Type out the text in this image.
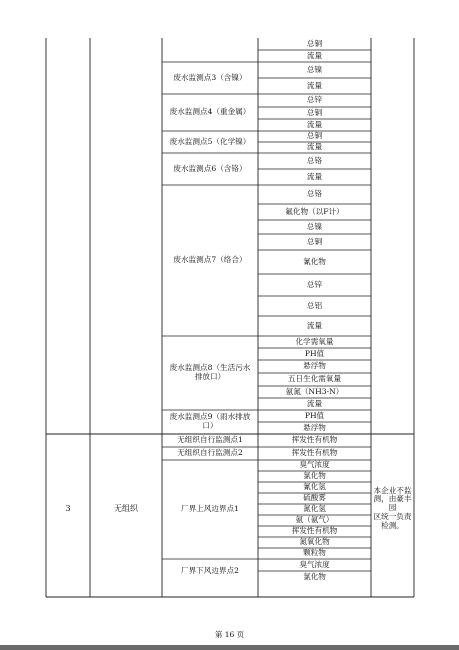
总铜
流量
总镍
流量
废水监测点3（含镍）
总锌
总铜
流量
废水监测点4（重金属）
总铜
流量
废水监测点5（化学镍）
总铬
流量
废水监测点6（含铬）
总铬
氟化物（以F计）
总镍
总铜
氰化物
总锌
总铝
流量
废水监测点7（络合）
化学需氧量
PH值
悬浮物
五日生化需氧量
氨氮（NH3-N）
流量
废水监测点8（生活污水
排放口）
PH值
悬浮物
废水监测点9（雨水排放
口）
挥发性有机物
无组织自行监测点1
挥发性有机物
无组织自行监测点2
臭气浓度
氯化物
氰化氢
硫酸雾
氮化氢
氨（氨气）
挥发性有机物
氮氧化物
颗粒物
厂界上风边界点1
臭气浓度
氯化物
厂界下风边界点2
3	无组织
本企业不监
测，由豪丰园
区统一负责
检测。
第 16 页
